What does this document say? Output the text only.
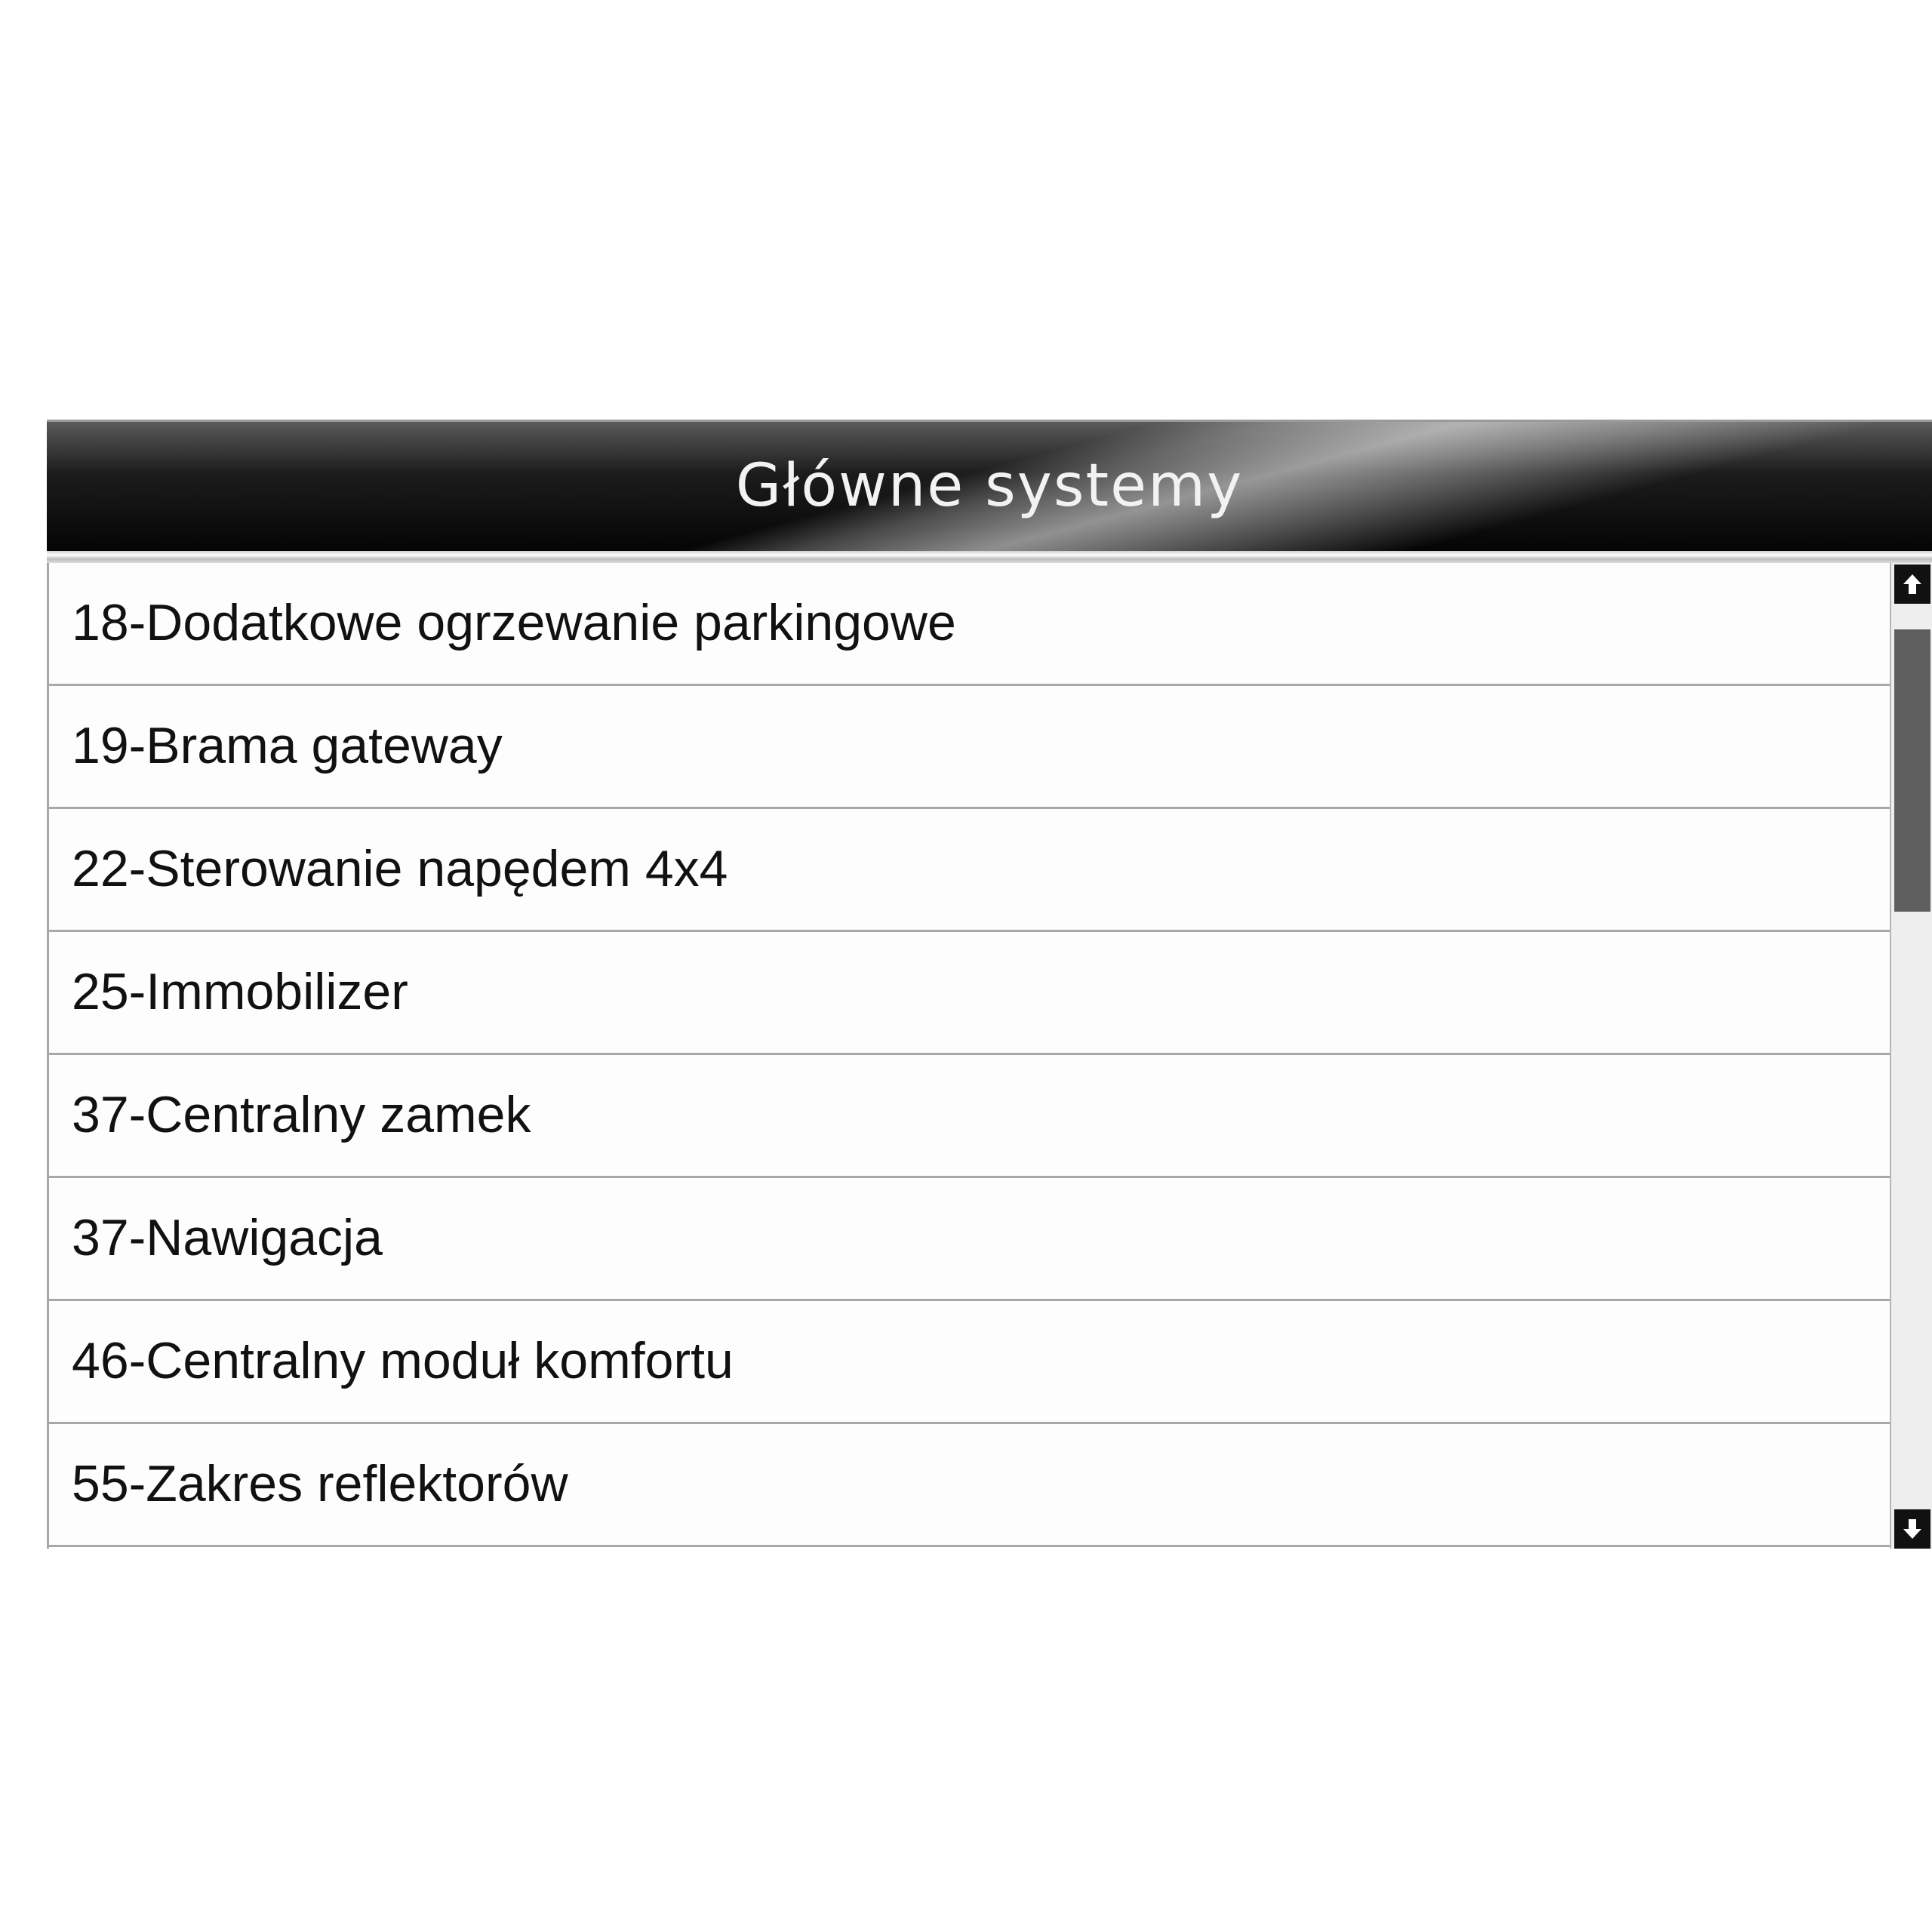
Główne systemy
18-Dodatkowe ogrzewanie parkingowe
19-Brama gateway
22-Sterowanie napędem 4x4
25-Immobilizer
37-Centralny zamek
37-Nawigacja
46-Centralny moduł komfortu
55-Zakres reflektorów
